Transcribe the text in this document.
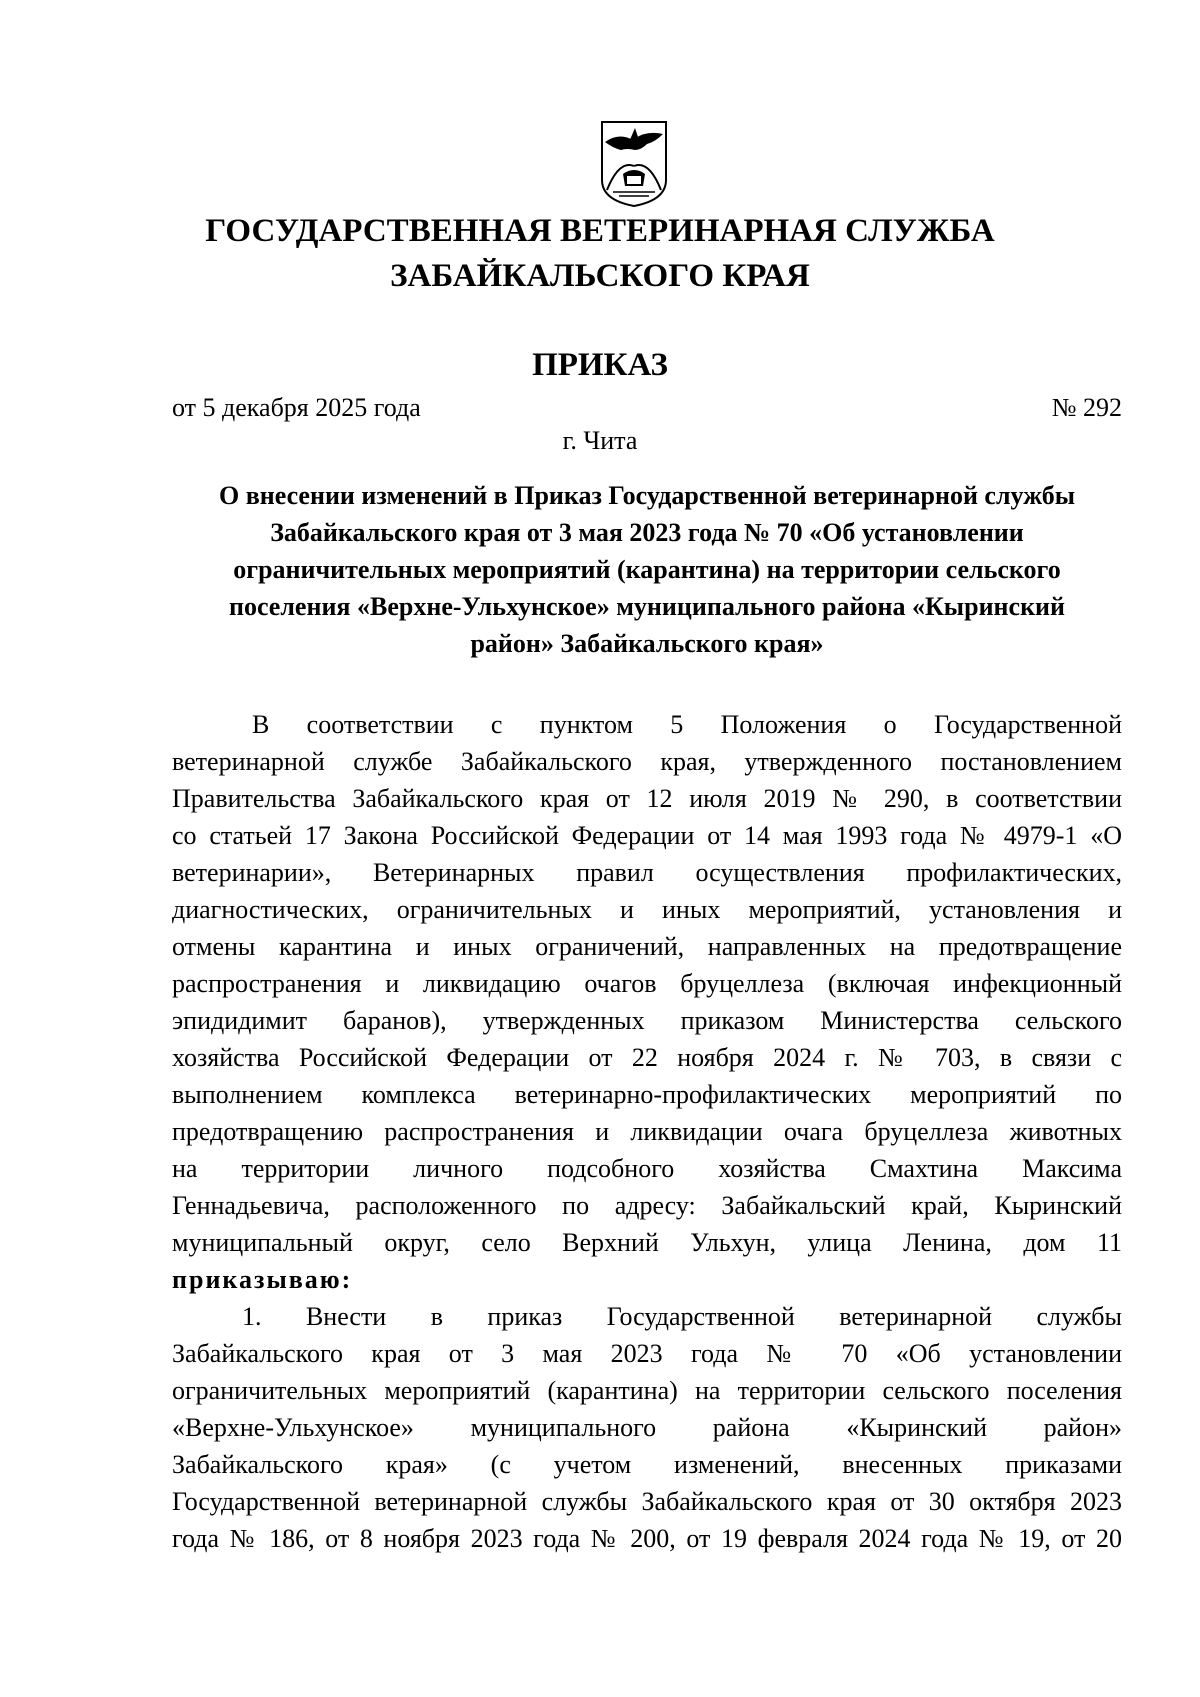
ГОСУДАРСТВЕННАЯ ВЕТЕРИНАРНАЯ СЛУЖБА
ЗАБАЙКАЛЬСКОГО КРАЯ
ПРИКАЗ
от 5 декабря 2025 года	№ 292
г. Чита
О внесении изменений в Приказ Государственной ветеринарной службы
Забайкальского края от 3 мая 2023 года № 70 «Об установлении
ограничительных мероприятий (карантина) на территории сельского
поселения «Верхне-Ульхунское» муниципального района «Кыринский
район» Забайкальского края»
В соответствии с пунктом 5 Положения о Государственной
ветеринарной службе Забайкальского края, утвержденного постановлением
Правительства Забайкальского края от 12 июля 2019 № 290, в соответствии
со статьей 17 Закона Российской Федерации от 14 мая 1993 года № 4979-1 «О
ветеринарии», Ветеринарных правил осуществления профилактических,
диагностических, ограничительных и иных мероприятий, установления и
отмены карантина и иных ограничений, направленных на предотвращение
распространения и ликвидацию очагов бруцеллеза (включая инфекционный
эпидидимит баранов), утвержденных приказом Министерства сельского
хозяйства Российской Федерации от 22 ноября 2024 г. № 703, в связи с
выполнением комплекса ветеринарно-профилактических мероприятий по
предотвращению распространения и ликвидации очага бруцеллеза животных
на территории личного подсобного хозяйства Смахтина Максима
Геннадьевича, расположенного по адресу: Забайкальский край, Кыринский
муниципальный округ, село Верхний Ульхун, улица Ленина, дом 11
приказываю:
1. Внести в приказ Государственной ветеринарной службы
Забайкальского края от 3 мая 2023 года № 70 «Об установлении
ограничительных мероприятий (карантина) на территории сельского поселения
«Верхне-Ульхунское» муниципального района «Кыринский район»
Забайкальского края» (с учетом изменений, внесенных приказами
Государственной ветеринарной службы Забайкальского края от 30 октября 2023
года № 186, от 8 ноября 2023 года № 200, от 19 февраля 2024 года № 19, от 20
